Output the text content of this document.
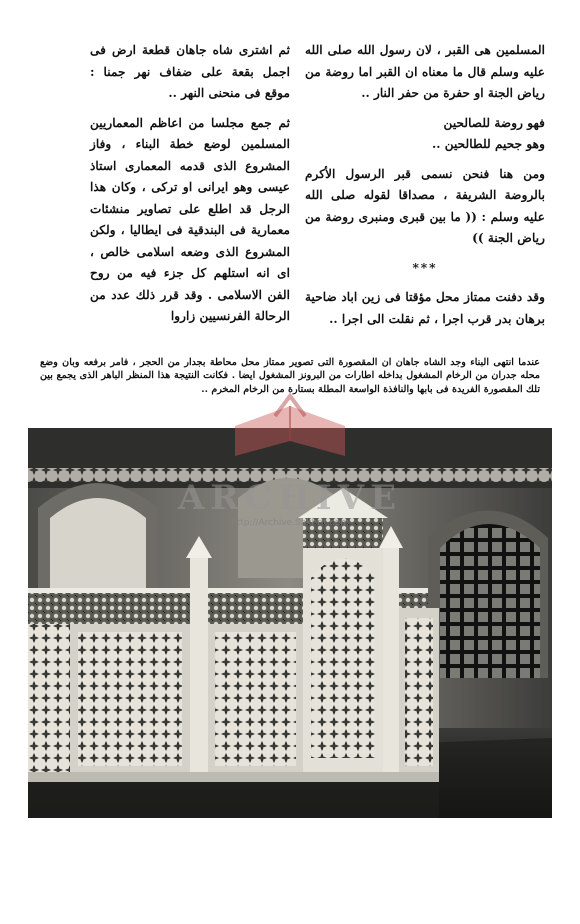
المسلمين هى القبر ، لان رسول الله صلى الله عليه وسلم قال ما معناه ان القبر اما روضة من رياض الجنة او حفرة من حفر النار ..

فهو روضة للصالحين
وهو جحيم للطالحين ..

ومن هنا فنحن نسمى قبر الرسول الأكرم بالروضة الشريفة ، مصداقا لقوله صلى الله عليه وسلم : (( ما بين قبرى ومنبرى روضة من رياض الجنة ))

***

وقد دفنت ممتاز محل مؤقتا فى زين اباد ضاحية برهان بدر قرب اجرا ، ثم نقلت الى اجرا ..

ثم اشترى شاه جاهان قطعة ارض فى اجمل بقعة على ضفاف نهر جمنا : موقع فى منحنى النهر ..

ثم جمع مجلسا من اعاظم المعماريين المسلمين لوضع خطة البناء ، وفاز المشروع الذى قدمه المعمارى استاذ عيسى وهو ايرانى او تركى ، وكان هذا الرجل قد اطلع على تصاوير منشئات معمارية فى البندقية فى ايطاليا ، ولكن المشروع الذى وضعه اسلامى خالص ، اى انه استلهم كل جزء فيه من روح الفن الاسلامى . وقد قرر ذلك عدد من الرحالة الفرنسيين زاروا

عندما انتهى البناء وجد الشاه جاهان ان المقصورة التى تصوير ممتاز محل محاطة بجدار من الحجر ، فامر برفعه وبان وضع محله جدران من الرخام المشغول بداخله اطارات من البرونز المشغول ايضا . فكانت النتيجة هذا المنظر الباهر الذى يجمع بين تلك المقصورة الفريدة فى بابها والنافذة الواسعة المطلة بستارة من الرخام المخرم ..
ARCHIVE
http://Archive.Sakhrit.com
